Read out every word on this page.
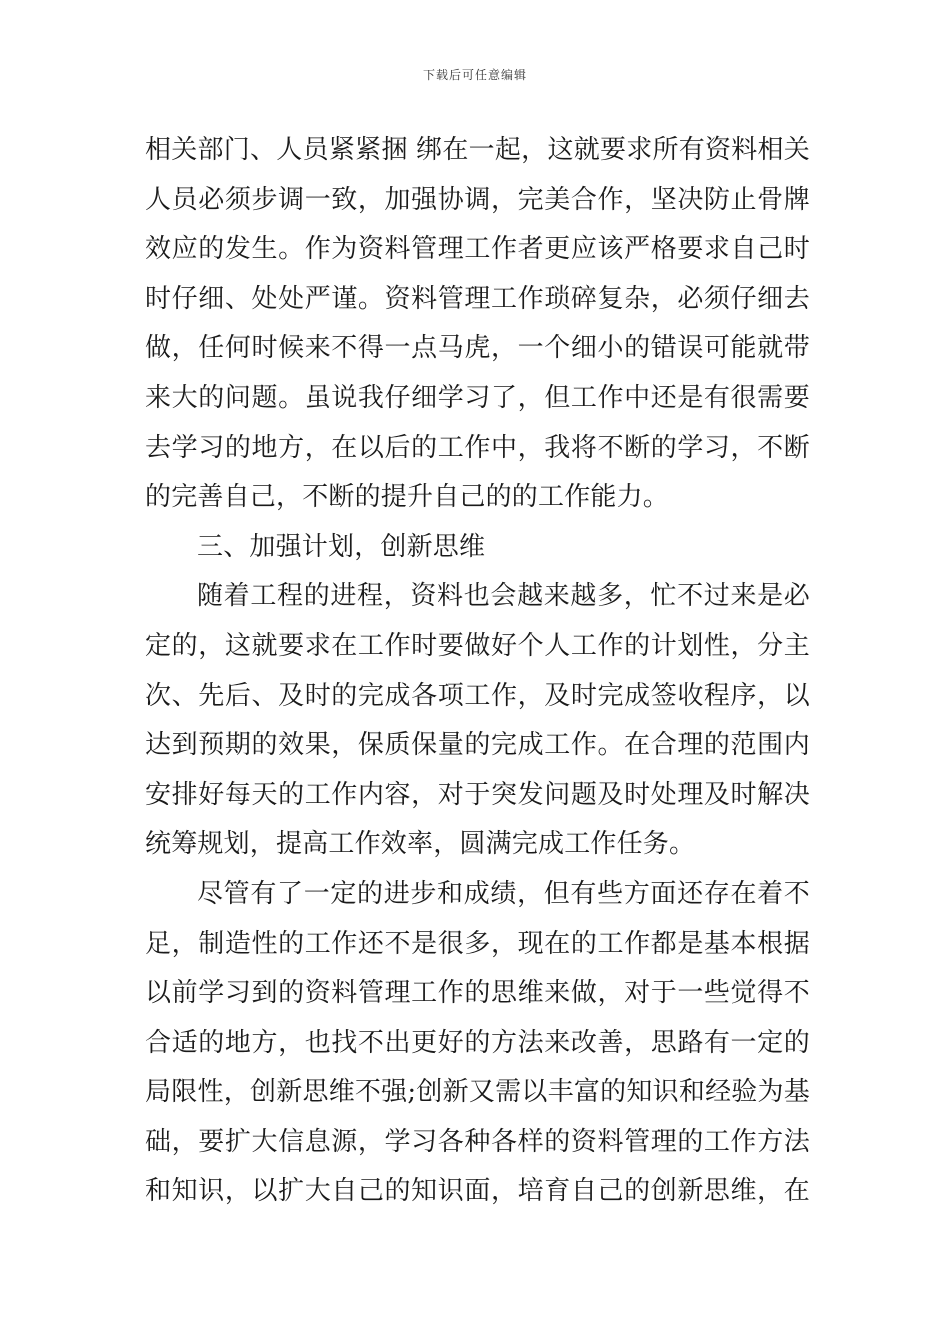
下载后可任意编辑
相关部门、人员紧紧捆 绑在一起，这就要求所有资料相关
人员必须步调一致，加强协调，完美合作，坚决防止骨牌
效应的发生。作为资料管理工作者更应该严格要求自己时
时仔细、处处严谨。资料管理工作琐碎复杂，必须仔细去
做，任何时候来不得一点马虎，一个细小的错误可能就带
来大的问题。虽说我仔细学习了，但工作中还是有很需要
去学习的地方，在以后的工作中，我将不断的学习，不断
的完善自己，不断的提升自己的的工作能力。
三、加强计划，创新思维
随着工程的进程，资料也会越来越多，忙不过来是必
定的，这就要求在工作时要做好个人工作的计划性，分主
次、先后、及时的完成各项工作，及时完成签收程序，以
达到预期的效果，保质保量的完成工作。在合理的范围内
安排好每天的工作内容，对于突发问题及时处理及时解决
统筹规划，提高工作效率，圆满完成工作任务。
尽管有了一定的进步和成绩，但有些方面还存在着不
足，制造性的工作还不是很多，现在的工作都是基本根据
以前学习到的资料管理工作的思维来做，对于一些觉得不
合适的地方，也找不出更好的方法来改善，思路有一定的
局限性，创新思维不强;创新又需以丰富的知识和经验为基
础，要扩大信息源，学习各种各样的资料管理的工作方法
和知识，以扩大自己的知识面，培育自己的创新思维，在
